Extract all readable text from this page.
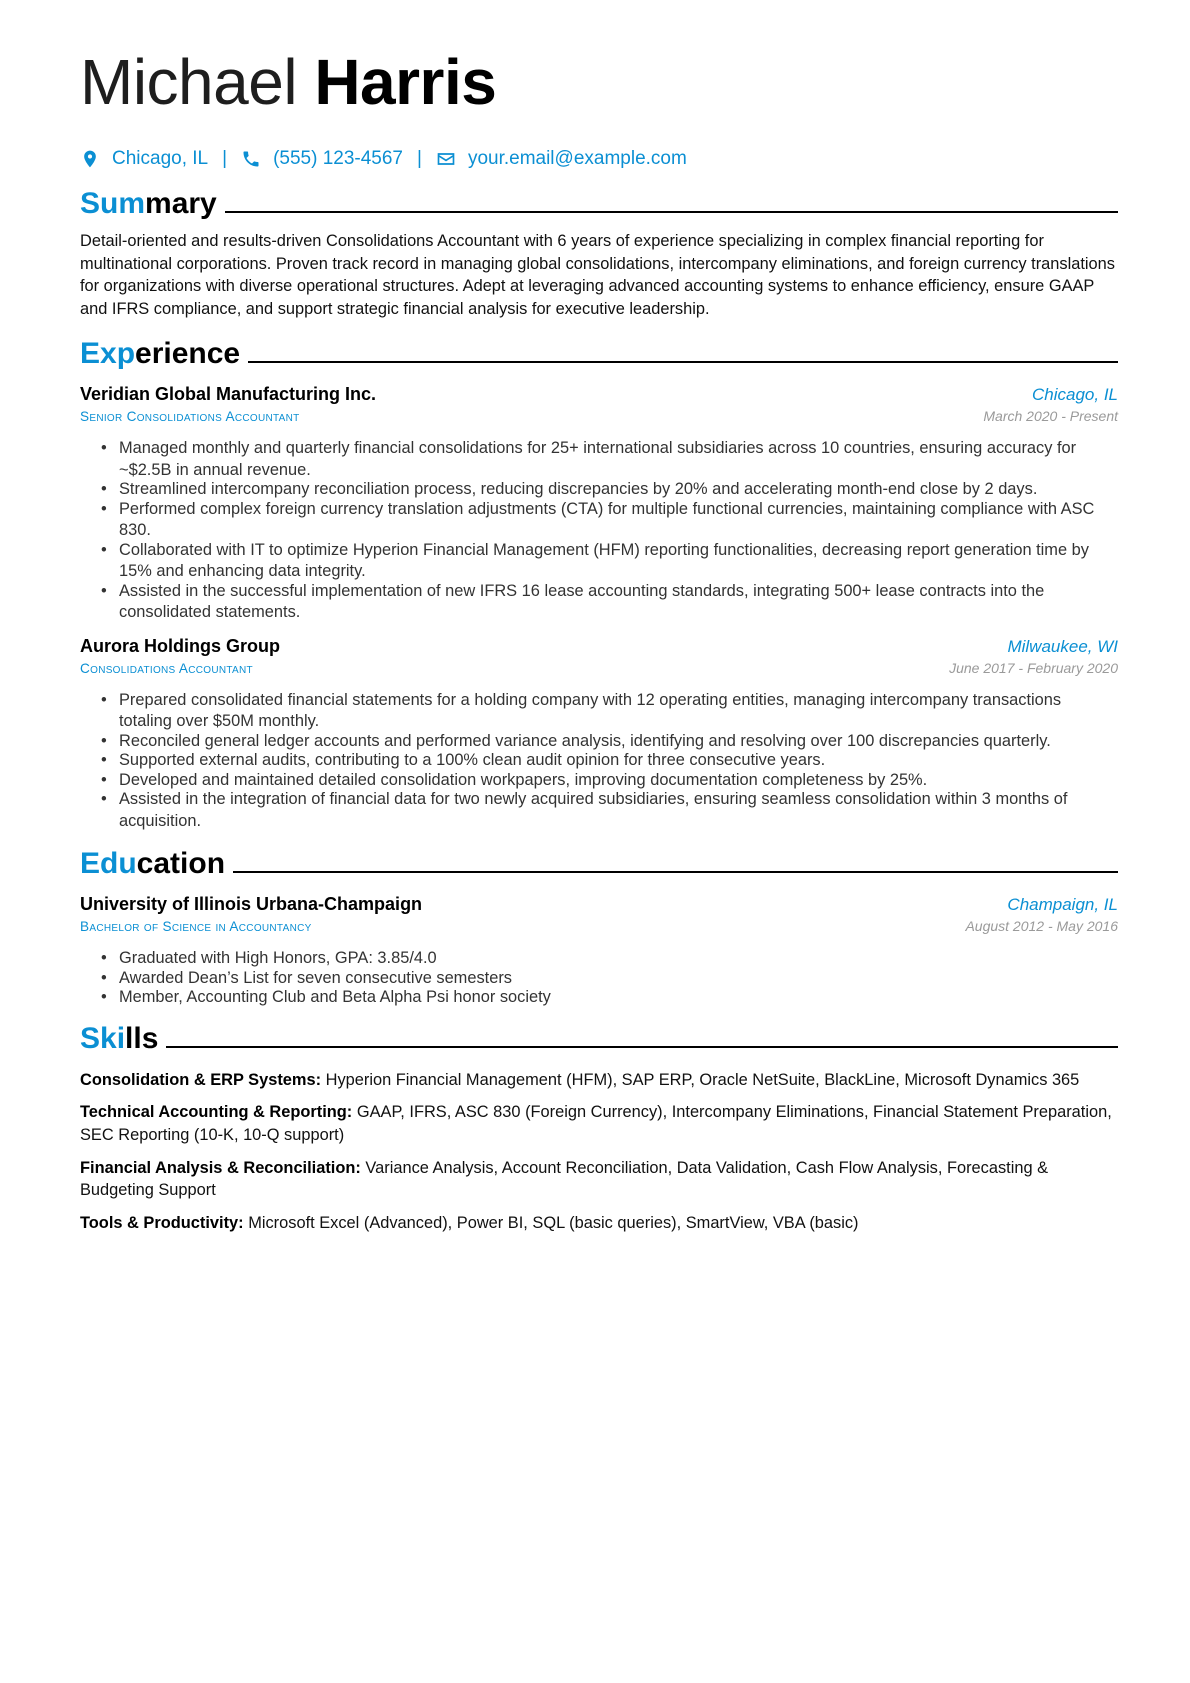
Michael Harris
Chicago, IL | (555) 123-4567 | your.email@example.com
Summary
Detail-oriented and results-driven Consolidations Accountant with 6 years of experience specializing in complex financial reporting for multinational corporations. Proven track record in managing global consolidations, intercompany eliminations, and foreign currency translations for organizations with diverse operational structures. Adept at leveraging advanced accounting systems to enhance efficiency, ensure GAAP and IFRS compliance, and support strategic financial analysis for executive leadership.
Experience
Veridian Global Manufacturing Inc.	Chicago, IL
Senior Consolidations Accountant	March 2020 - Present
• Managed monthly and quarterly financial consolidations for 25+ international subsidiaries across 10 countries, ensuring accuracy for ~$2.5B in annual revenue.
• Streamlined intercompany reconciliation process, reducing discrepancies by 20% and accelerating month-end close by 2 days.
• Performed complex foreign currency translation adjustments (CTA) for multiple functional currencies, maintaining compliance with ASC 830.
• Collaborated with IT to optimize Hyperion Financial Management (HFM) reporting functionalities, decreasing report generation time by 15% and enhancing data integrity.
• Assisted in the successful implementation of new IFRS 16 lease accounting standards, integrating 500+ lease contracts into the consolidated statements.
Aurora Holdings Group	Milwaukee, WI
Consolidations Accountant	June 2017 - February 2020
• Prepared consolidated financial statements for a holding company with 12 operating entities, managing intercompany transactions totaling over $50M monthly.
• Reconciled general ledger accounts and performed variance analysis, identifying and resolving over 100 discrepancies quarterly.
• Supported external audits, contributing to a 100% clean audit opinion for three consecutive years.
• Developed and maintained detailed consolidation workpapers, improving documentation completeness by 25%.
• Assisted in the integration of financial data for two newly acquired subsidiaries, ensuring seamless consolidation within 3 months of acquisition.
Education
University of Illinois Urbana-Champaign	Champaign, IL
Bachelor of Science in Accountancy	August 2012 - May 2016
• Graduated with High Honors, GPA: 3.85/4.0
• Awarded Dean’s List for seven consecutive semesters
• Member, Accounting Club and Beta Alpha Psi honor society
Skills
Consolidation & ERP Systems: Hyperion Financial Management (HFM), SAP ERP, Oracle NetSuite, BlackLine, Microsoft Dynamics 365
Technical Accounting & Reporting: GAAP, IFRS, ASC 830 (Foreign Currency), Intercompany Eliminations, Financial Statement Preparation, SEC Reporting (10-K, 10-Q support)
Financial Analysis & Reconciliation: Variance Analysis, Account Reconciliation, Data Validation, Cash Flow Analysis, Forecasting & Budgeting Support
Tools & Productivity: Microsoft Excel (Advanced), Power BI, SQL (basic queries), SmartView, VBA (basic)
